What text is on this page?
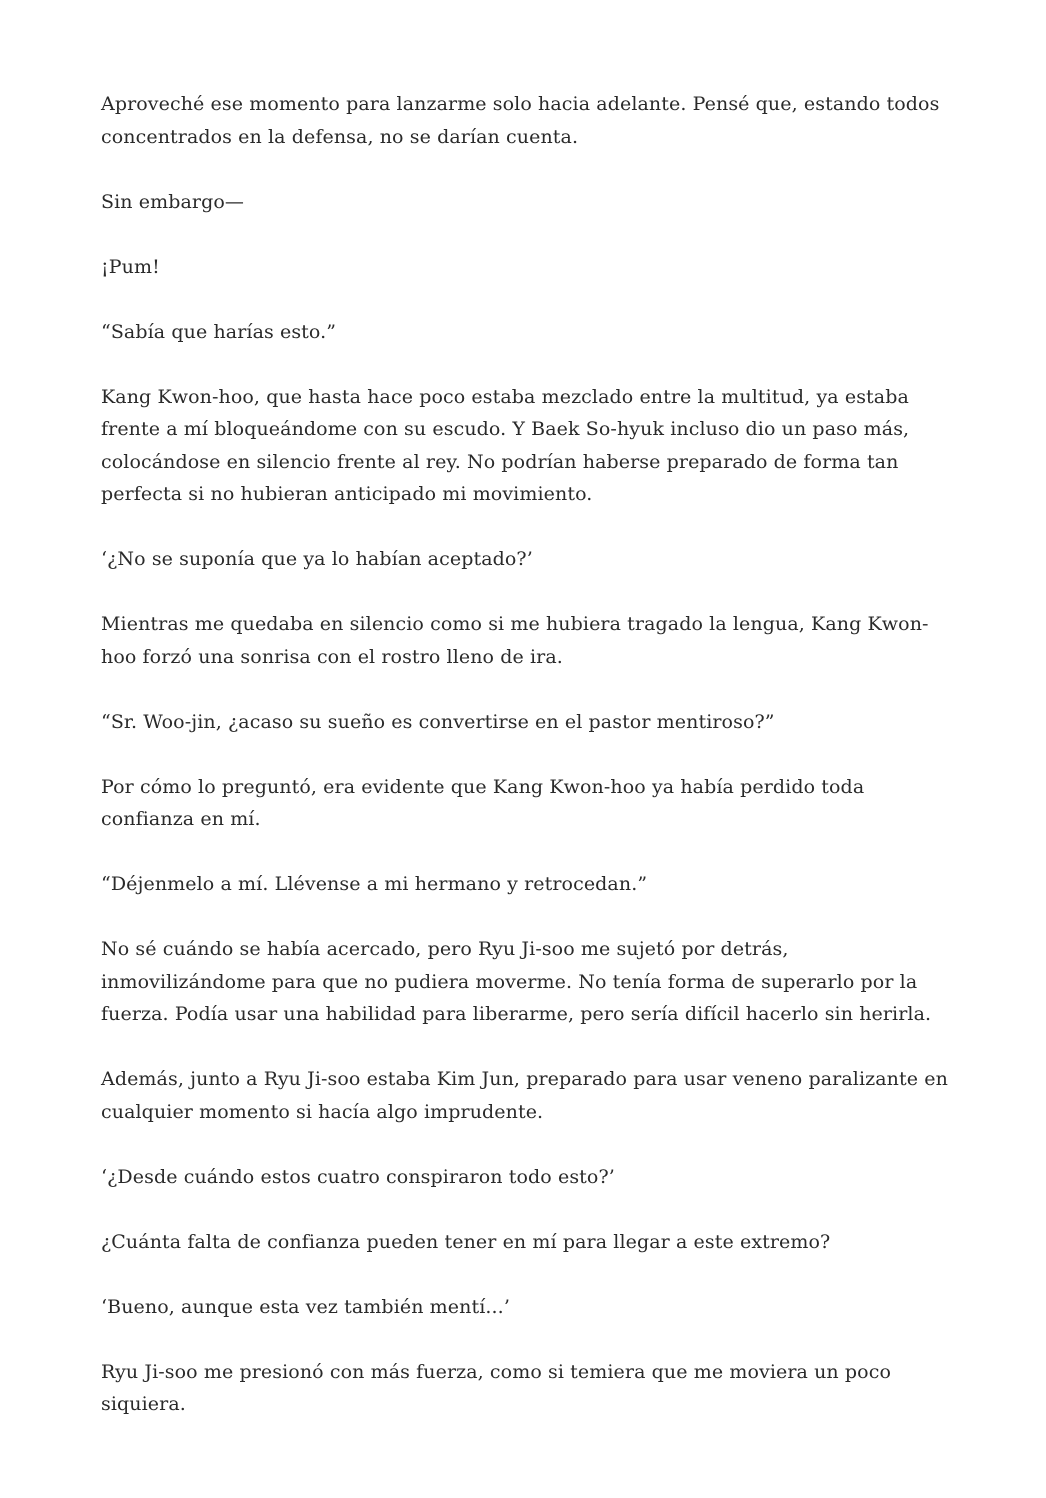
Aproveché ese momento para lanzarme solo hacia adelante. Pensé que, estando todos concentrados en la defensa, no se darían cuenta.

Sin embargo—

¡Pum!

“Sabía que harías esto.”

Kang Kwon-hoo, que hasta hace poco estaba mezclado entre la multitud, ya estaba frente a mí bloqueándome con su escudo. Y Baek So-hyuk incluso dio un paso más, colocándose en silencio frente al rey. No podrían haberse preparado de forma tan perfecta si no hubieran anticipado mi movimiento.

‘¿No se suponía que ya lo habían aceptado?’

Mientras me quedaba en silencio como si me hubiera tragado la lengua, Kang Kwon-hoo forzó una sonrisa con el rostro lleno de ira.

“Sr. Woo-jin, ¿acaso su sueño es convertirse en el pastor mentiroso?”

Por cómo lo preguntó, era evidente que Kang Kwon-hoo ya había perdido toda confianza en mí.

“Déjenmelo a mí. Llévense a mi hermano y retrocedan.”

No sé cuándo se había acercado, pero Ryu Ji-soo me sujetó por detrás, inmovilizándome para que no pudiera moverme. No tenía forma de superarlo por la fuerza. Podía usar una habilidad para liberarme, pero sería difícil hacerlo sin herirla.

Además, junto a Ryu Ji-soo estaba Kim Jun, preparado para usar veneno paralizante en cualquier momento si hacía algo imprudente.

‘¿Desde cuándo estos cuatro conspiraron todo esto?’

¿Cuánta falta de confianza pueden tener en mí para llegar a este extremo?

‘Bueno, aunque esta vez también mentí...’

Ryu Ji-soo me presionó con más fuerza, como si temiera que me moviera un poco siquiera.
